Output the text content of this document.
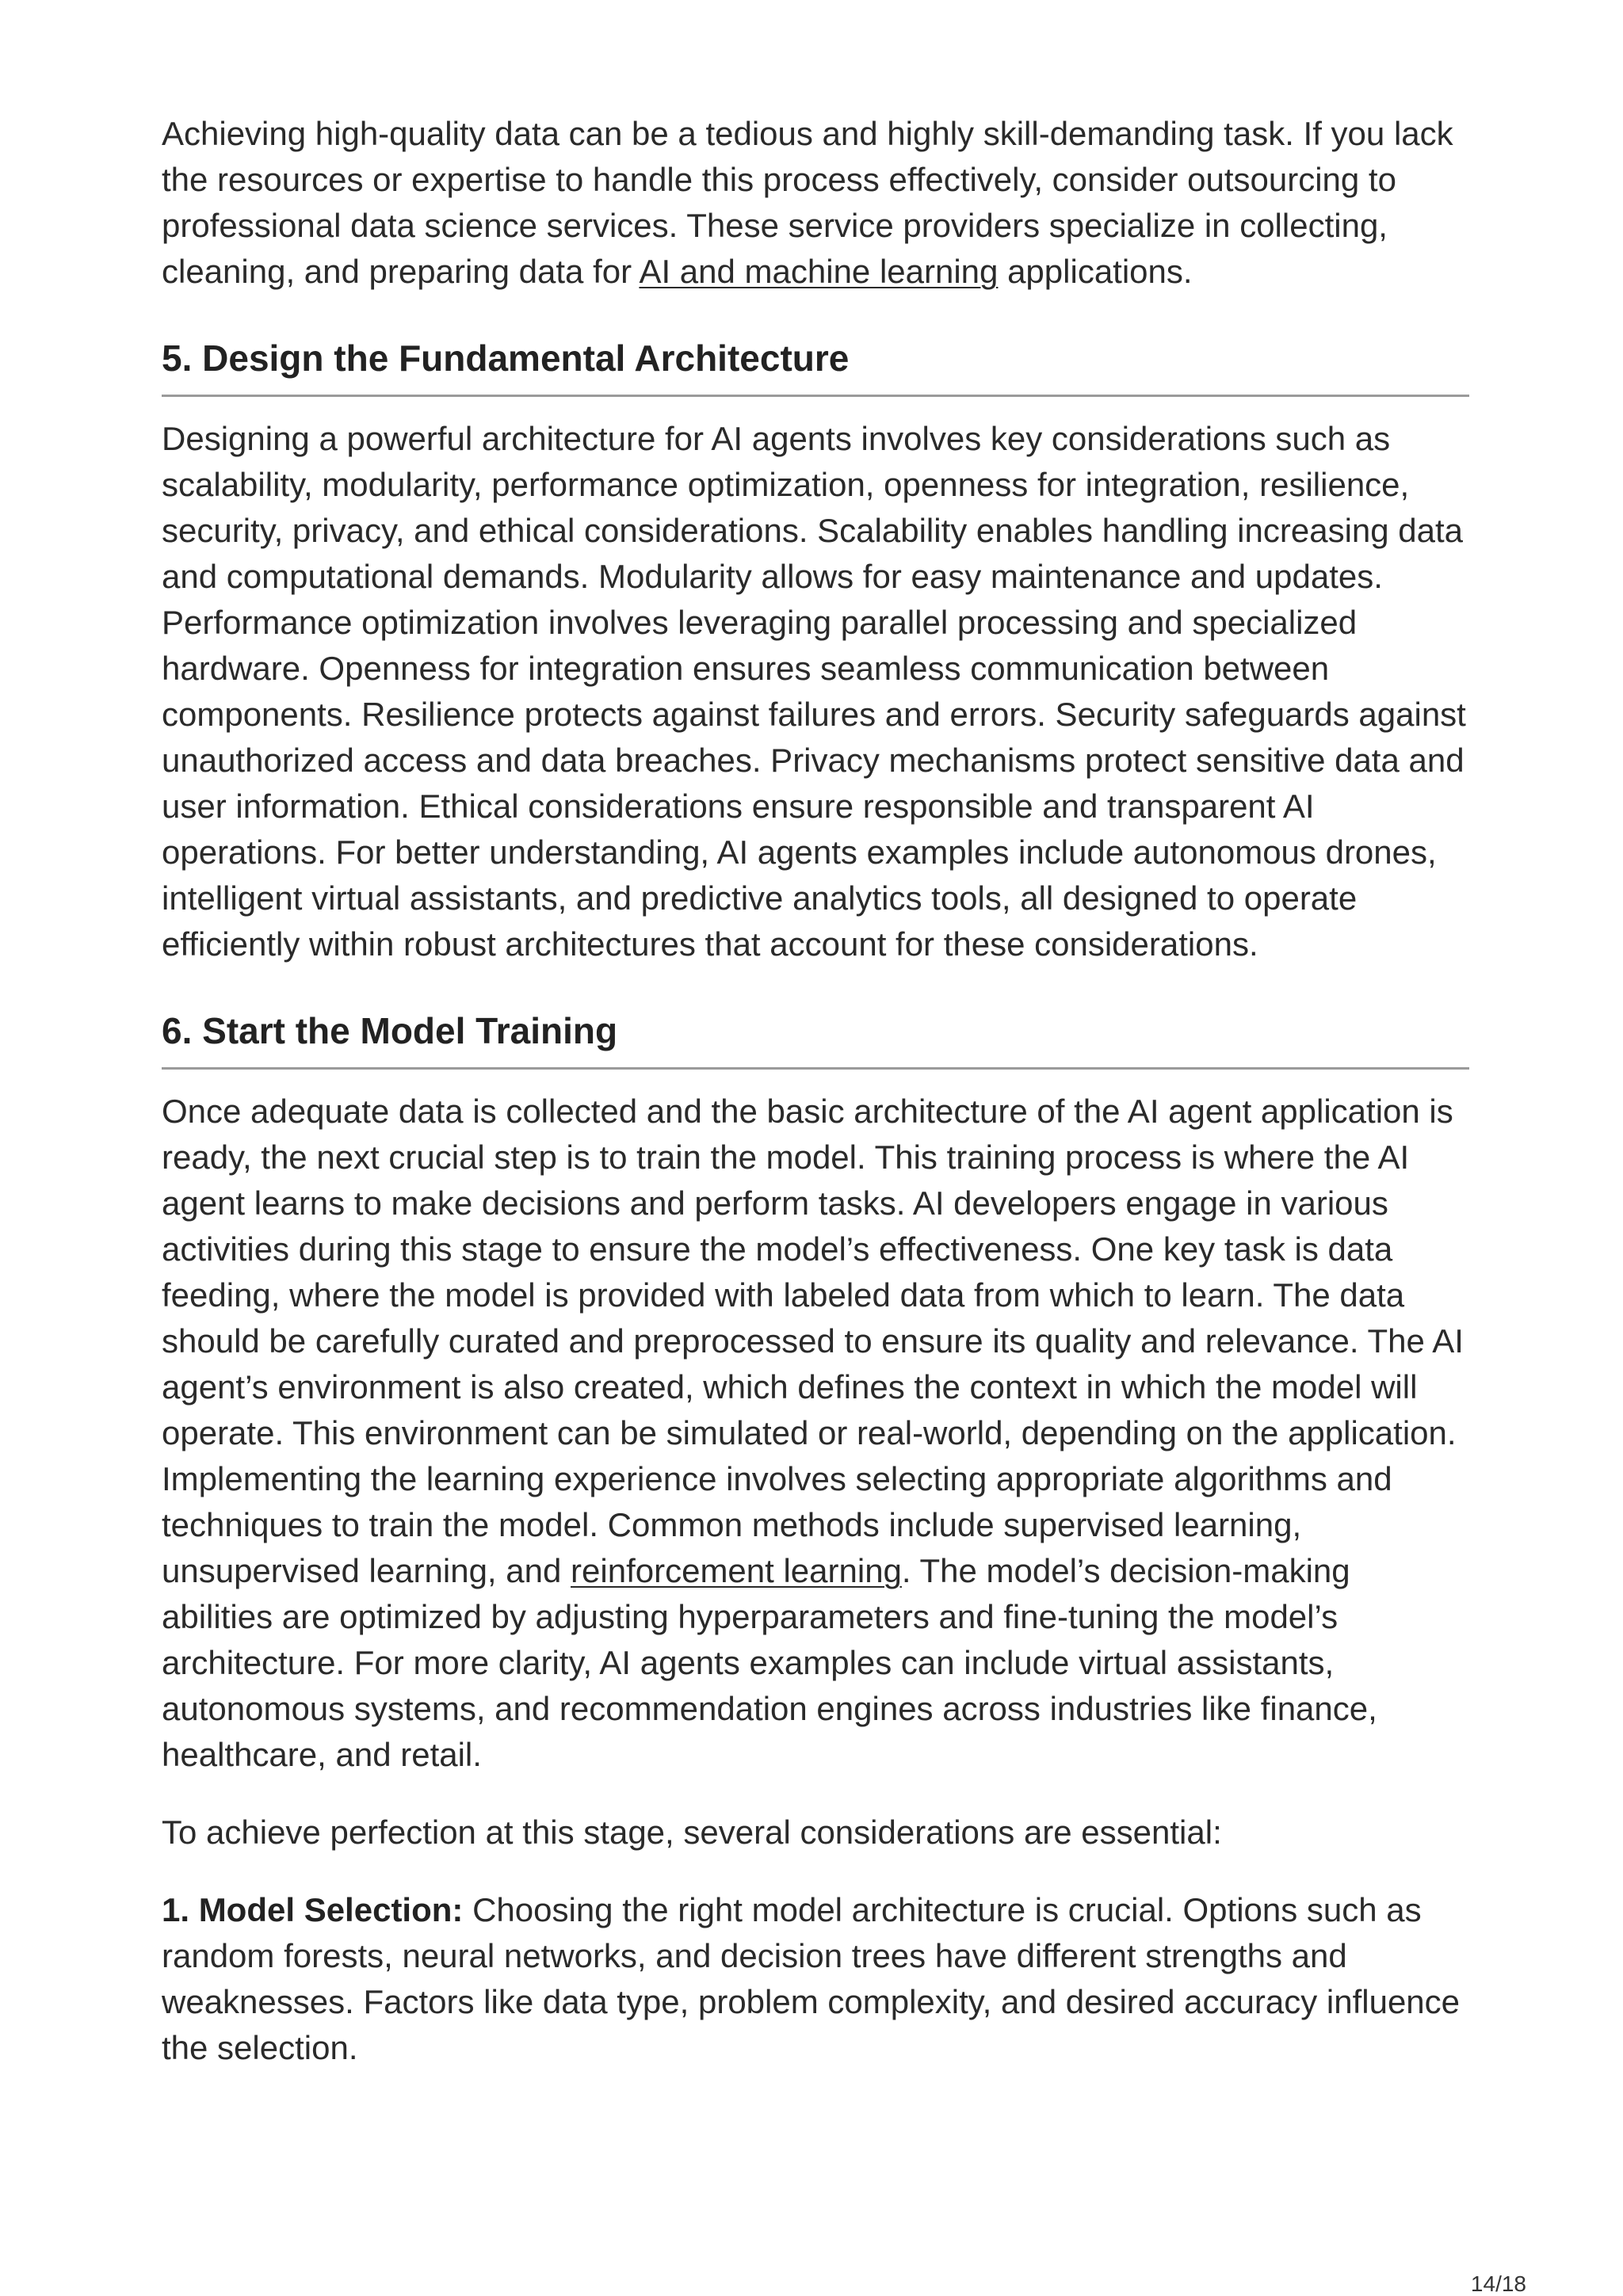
Achieving high-quality data can be a tedious and highly skill-demanding task. If you lack the resources or expertise to handle this process effectively, consider outsourcing to professional data science services. These service providers specialize in collecting, cleaning, and preparing data for AI and machine learning applications.

5. Design the Fundamental Architecture

Designing a powerful architecture for AI agents involves key considerations such as scalability, modularity, performance optimization, openness for integration, resilience, security, privacy, and ethical considerations. Scalability enables handling increasing data and computational demands. Modularity allows for easy maintenance and updates. Performance optimization involves leveraging parallel processing and specialized hardware. Openness for integration ensures seamless communication between components. Resilience protects against failures and errors. Security safeguards against unauthorized access and data breaches. Privacy mechanisms protect sensitive data and user information. Ethical considerations ensure responsible and transparent AI operations. For better understanding, AI agents examples include autonomous drones, intelligent virtual assistants, and predictive analytics tools, all designed to operate efficiently within robust architectures that account for these considerations.

6. Start the Model Training

Once adequate data is collected and the basic architecture of the AI agent application is ready, the next crucial step is to train the model. This training process is where the AI agent learns to make decisions and perform tasks. AI developers engage in various activities during this stage to ensure the model’s effectiveness. One key task is data feeding, where the model is provided with labeled data from which to learn. The data should be carefully curated and preprocessed to ensure its quality and relevance. The AI agent’s environment is also created, which defines the context in which the model will operate. This environment can be simulated or real-world, depending on the application. Implementing the learning experience involves selecting appropriate algorithms and techniques to train the model. Common methods include supervised learning, unsupervised learning, and reinforcement learning. The model’s decision-making abilities are optimized by adjusting hyperparameters and fine-tuning the model’s architecture. For more clarity, AI agents examples can include virtual assistants, autonomous systems, and recommendation engines across industries like finance, healthcare, and retail.

To achieve perfection at this stage, several considerations are essential:

1. Model Selection: Choosing the right model architecture is crucial. Options such as random forests, neural networks, and decision trees have different strengths and weaknesses. Factors like data type, problem complexity, and desired accuracy influence the selection.

14/18
